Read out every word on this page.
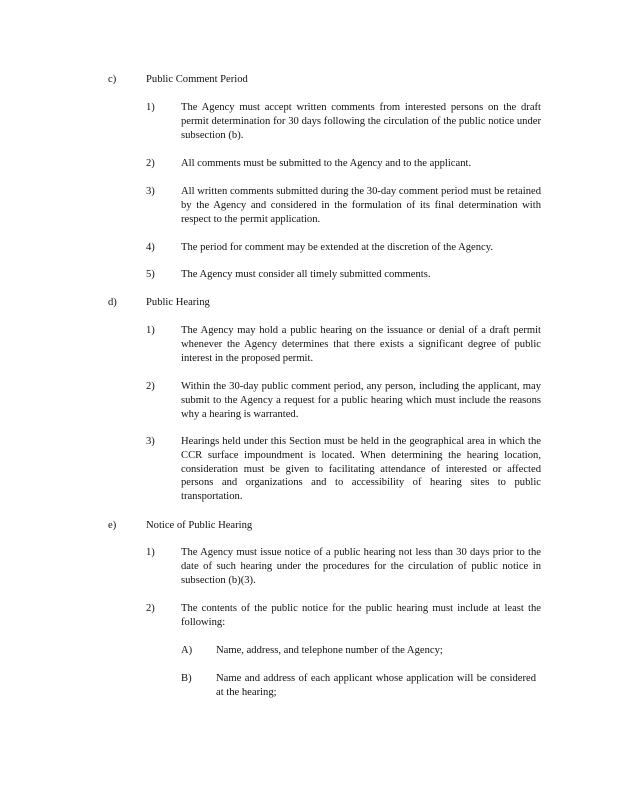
c)	Public Comment Period
1) The Agency must accept written comments from interested persons on the draft permit determination for 30 days following the circulation of the public notice under subsection (b).
2) All comments must be submitted to the Agency and to the applicant.
3) All written comments submitted during the 30-day comment period must be retained by the Agency and considered in the formulation of its final determination with respect to the permit application.
4) The period for comment may be extended at the discretion of the Agency.
5) The Agency must consider all timely submitted comments.
d)	Public Hearing
1) The Agency may hold a public hearing on the issuance or denial of a draft permit whenever the Agency determines that there exists a significant degree of public interest in the proposed permit.
2) Within the 30-day public comment period, any person, including the applicant, may submit to the Agency a request for a public hearing which must include the reasons why a hearing is warranted.
3) Hearings held under this Section must be held in the geographical area in which the CCR surface impoundment is located. When determining the hearing location, consideration must be given to facilitating attendance of interested or affected persons and organizations and to accessibility of hearing sites to public transportation.
e)	Notice of Public Hearing
1) The Agency must issue notice of a public hearing not less than 30 days prior to the date of such hearing under the procedures for the circulation of public notice in subsection (b)(3).
2) The contents of the public notice for the public hearing must include at least the following:
A) Name, address, and telephone number of the Agency;
B) Name and address of each applicant whose application will be considered at the hearing;
